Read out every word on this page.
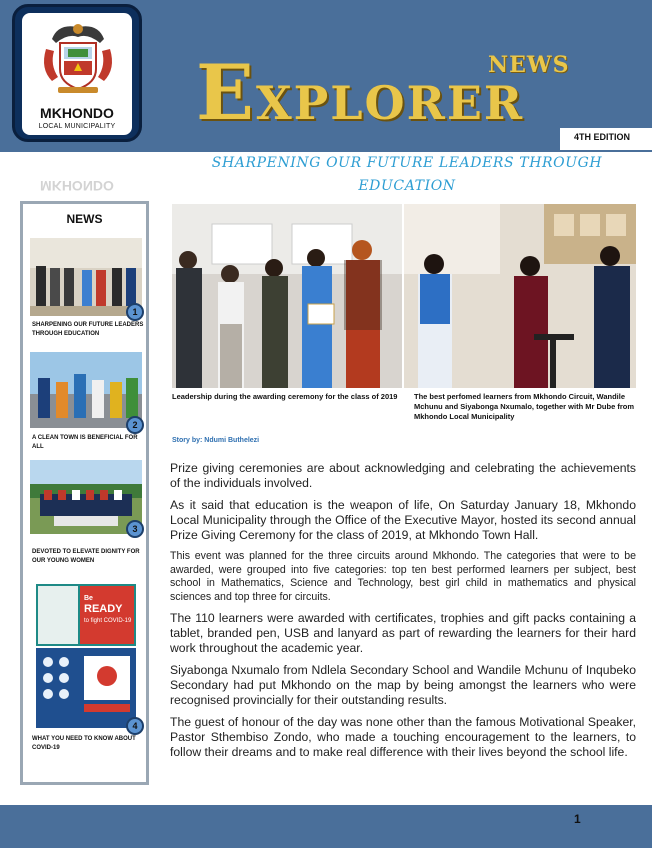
MKHONDO
LOCAL MUNICIPALITY
MKHONDO
NEWS
EXPLORER
4TH EDITION
SHARPENING OUR FUTURE LEADERS THROUGH EDUCATION
NEWS
1
SHARPENING OUR FUTURE LEADERS THROUGH EDUCATION
2
A CLEAN TOWN IS BENEFICIAL FOR ALL
3
DEVOTED TO ELEVATE DIGNITY FOR OUR YOUNG WOMEN
Be
READY
to fight COVID-19
4
WHAT YOU NEED TO KNOW ABOUT COVID-19
Leadership during the awarding ceremony for the class of 2019	The best perfomed learners from Mkhondo Circuit, Wandile Mchunu and Siyabonga Nxumalo, together with Mr Dube from Mkhondo Local Municipality
Story by: Ndumi Buthelezi

Prize giving ceremonies are about acknowledging and celebrating the achievements of the individuals involved.

As it said that education is the weapon of life, On Saturday January 18, Mkhondo Local Municipality through the Office of the Executive Mayor, hosted its second annual Prize Giving Ceremony for the class of 2019, at Mkhondo Town Hall.

This event was planned for the three circuits around Mkhondo. The categories that were to be awarded, were grouped into five categories: top ten best performed learners per subject, best school in Mathematics, Science and Technology, best girl child in mathematics and physical sciences and top three for circuits.

The 110 learners were awarded with certificates, trophies and gift packs containing a tablet, branded pen, USB and lanyard as part of rewarding the learners for their hard work throughout the academic year.

Siyabonga Nxumalo from Ndlela Secondary School and Wandile Mchunu of Inqubeko Secondary had put Mkhondo on the map by being amongst the learners who were recognised provincially for their outstanding results.

The guest of honour of the day was none other than the famous Motivational Speaker, Pastor Sthembiso Zondo, who made a touching encouragement to the learners, to follow their dreams and to make real difference with their lives beyond the school life.

1
